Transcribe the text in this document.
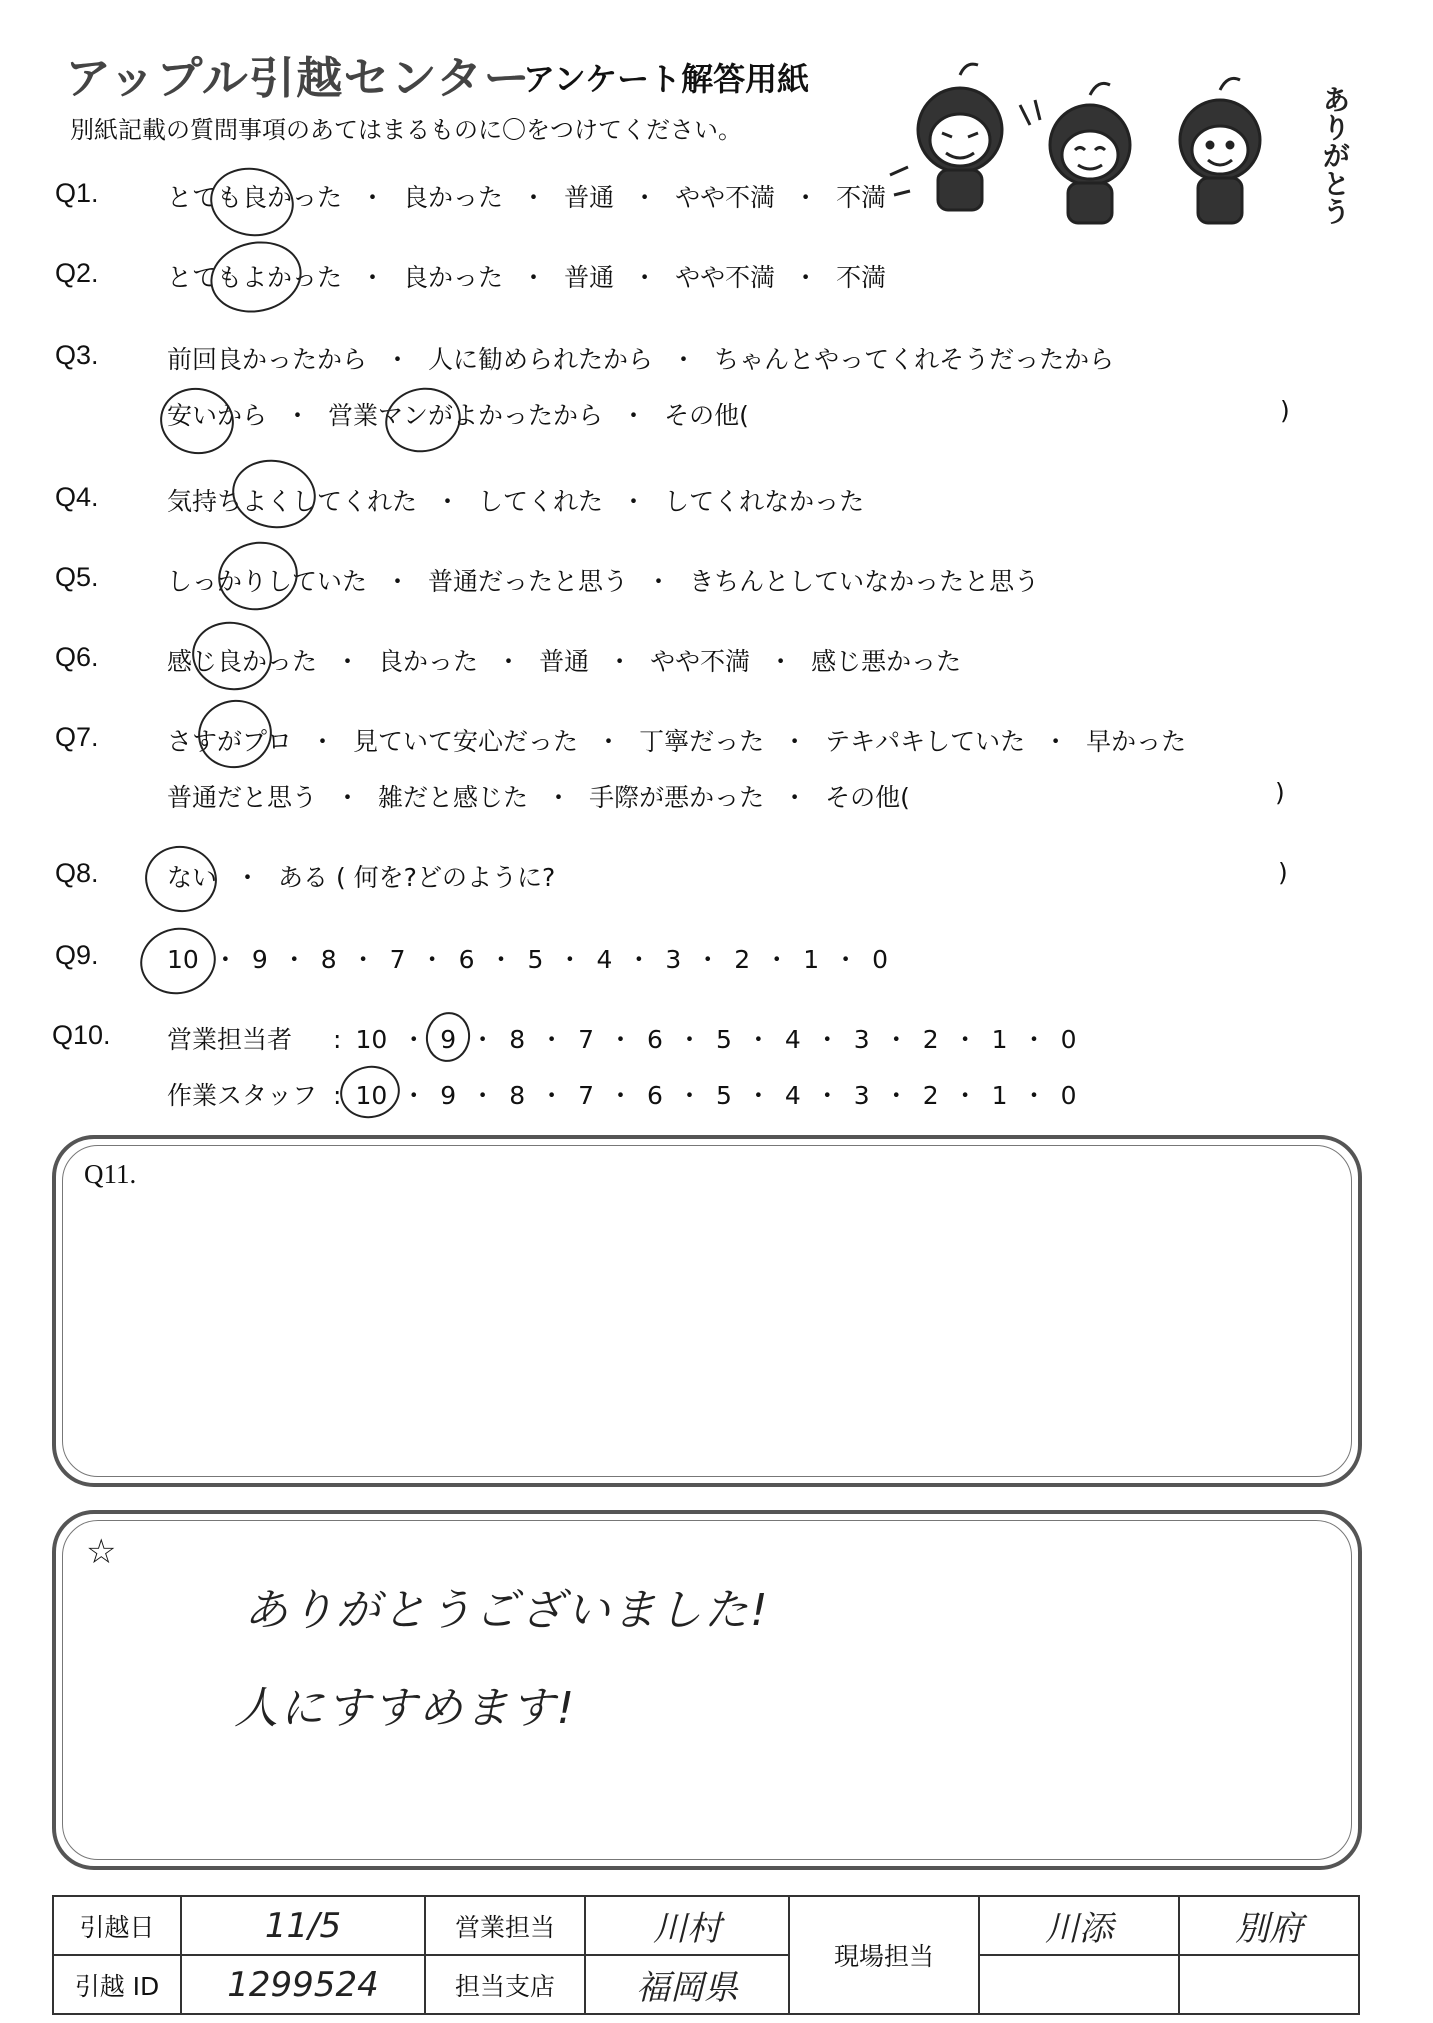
アップル引越センター
アンケート解答用紙
別紙記載の質問事項のあてはまるものに〇をつけてください。	ありがとう
Q1.	とても良かった ・ 良かった ・ 普通 ・ やや不満 ・ 不満
Q2.	とてもよかった ・ 良かった ・ 普通 ・ やや不満 ・ 不満
Q3.	前回良かったから ・ 人に勧められたから ・ ちゃんとやってくれそうだったから
安いから ・ 営業マンがよかったから ・ その他(	)
Q4.	気持ちよくしてくれた ・ してくれた ・ してくれなかった
Q5.	しっかりしていた ・ 普通だったと思う ・ きちんとしていなかったと思う
Q6.	感じ良かった ・ 良かった ・ 普通 ・ やや不満 ・ 感じ悪かった
Q7.	さすがプロ ・ 見ていて安心だった ・ 丁寧だった ・ テキパキしていた ・ 早かった
普通だと思う ・ 雑だと感じた ・ 手際が悪かった ・ その他(	)
Q8.	ない ・ ある ( 何を?どのように?	)
Q9.	10 ・ 9 ・ 8 ・ 7 ・ 6 ・ 5 ・ 4 ・ 3 ・ 2 ・ 1 ・ 0
Q10. 営業担当者 : 10 ・ 9 ・ 8 ・ 7 ・ 6 ・ 5 ・ 4 ・ 3 ・ 2 ・ 1 ・ 0
作業スタッフ : 10 ・ 9 ・ 8 ・ 7 ・ 6 ・ 5 ・ 4 ・ 3 ・ 2 ・ 1 ・ 0
Q11.
☆
ありがとうございました!
人にすすめます!
引越日	11/5	営業担当	川村	現場担当	川添	別府
引越 ID	1299524	担当支店	福岡県			
